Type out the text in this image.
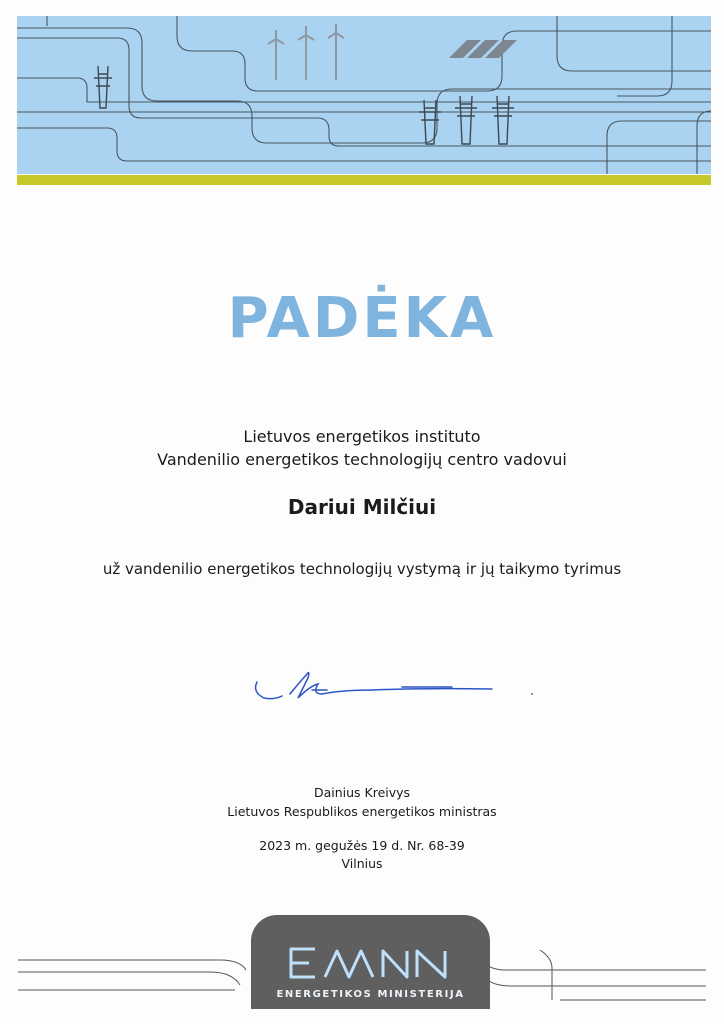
PADĖKA
Lietuvos energetikos instituto
Vandenilio energetikos technologijų centro vadovui
Dariui Milčiui
už vandenilio energetikos technologijų vystymą ir jų taikymo tyrimus
Dainius Kreivys
Lietuvos Respublikos energetikos ministras
2023 m. gegužės 19 d. Nr. 68-39
Vilnius
ENERGETIKOS MINISTERIJA
